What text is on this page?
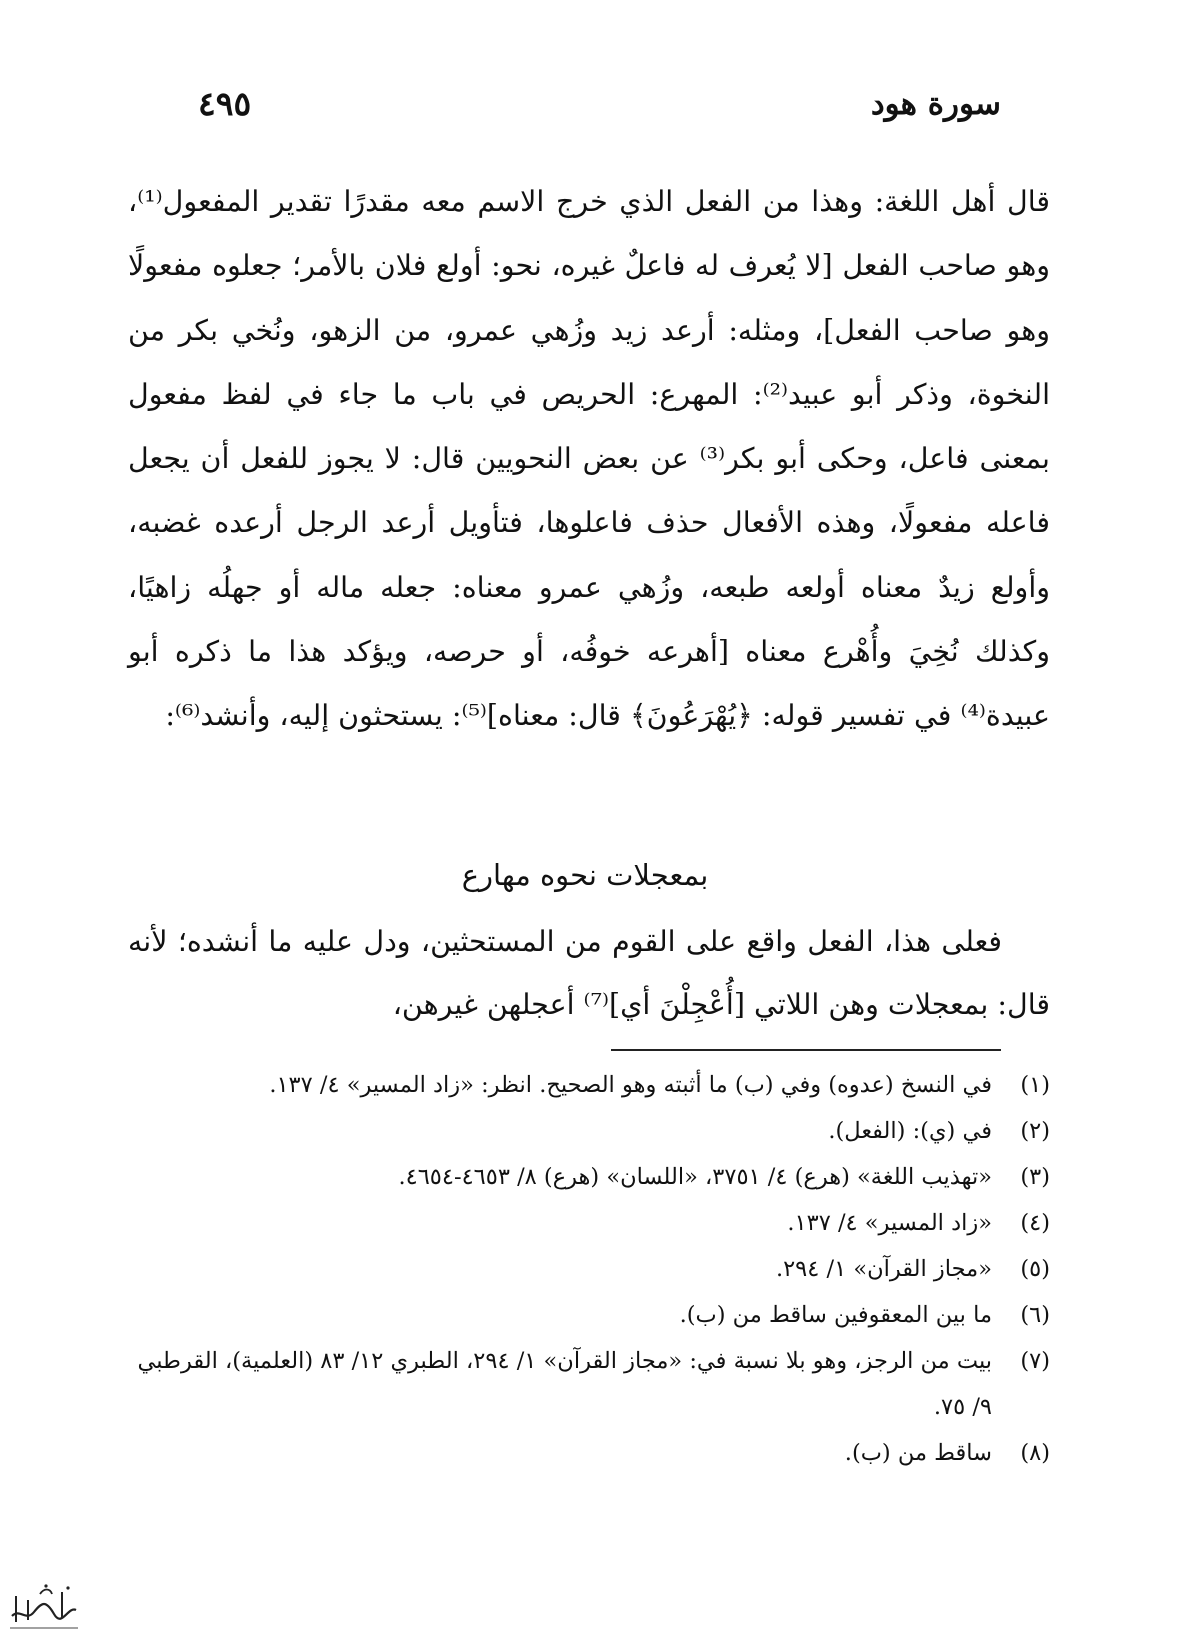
٤٩٥	سورة هود

قال أهل اللغة: وهذا من الفعل الذي خرج الاسم معه مقدرًا تقدير المفعول⁽¹⁾، وهو صاحب الفعل [لا يُعرف له فاعلٌ غيره، نحو: أولع فلان بالأمر؛ جعلوه مفعولًا وهو صاحب الفعل]، ومثله: أرعد زيد وزُهي عمرو، من الزهو، ونُخي بكر من النخوة، وذكر أبو عبيد⁽²⁾: المهرع: الحريص في باب ما جاء في لفظ مفعول بمعنى فاعل، وحكى أبو بكر⁽³⁾ عن بعض النحويين قال: لا يجوز للفعل أن يجعل فاعله مفعولًا، وهذه الأفعال حذف فاعلوها، فتأويل أرعد الرجل أرعده غضبه، وأولع زيدٌ معناه أولعه طبعه، وزُهي عمرو معناه: جعله ماله أو جهلُه زاهيًا، وكذلك نُخِيَ وأُهْرع معناه [أهرعه خوفُه، أو حرصه، ويؤكد هذا ما ذكره أبو عبيدة⁽⁴⁾ في تفسير قوله: ﴿يُهْرَعُونَ﴾ قال: معناه]⁽⁵⁾: يستحثون إليه، وأنشد⁽⁶⁾:

بمعجلات نحوه مهارع

فعلى هذا، الفعل واقع على القوم من المستحثين، ودل عليه ما أنشده؛ لأنه قال: بمعجلات وهن اللاتي [أُعْجِلْنَ أي]⁽⁷⁾ أعجلهن غيرهن،

(١)
في النسخ (عدوه) وفي (ب) ما أثبته وهو الصحيح. انظر: «زاد المسير» ٤/ ١٣٧.
(٢)
في (ي): (الفعل).
(٣)
«تهذيب اللغة» (هرع) ٤/ ٣٧٥١، «اللسان» (هرع) ٨/ ٤٦٥٣-٤٦٥٤.
(٤)
«زاد المسير» ٤/ ١٣٧.
(٥)
«مجاز القرآن» ١/ ٢٩٤.
(٦)
ما بين المعقوفين ساقط من (ب).
(٧)
بيت من الرجز، وهو بلا نسبة في: «مجاز القرآن» ١/ ٢٩٤، الطبري ١٢/ ٨٣ (العلمية)، القرطبي ٩/ ٧٥.
(٨)
ساقط من (ب).
